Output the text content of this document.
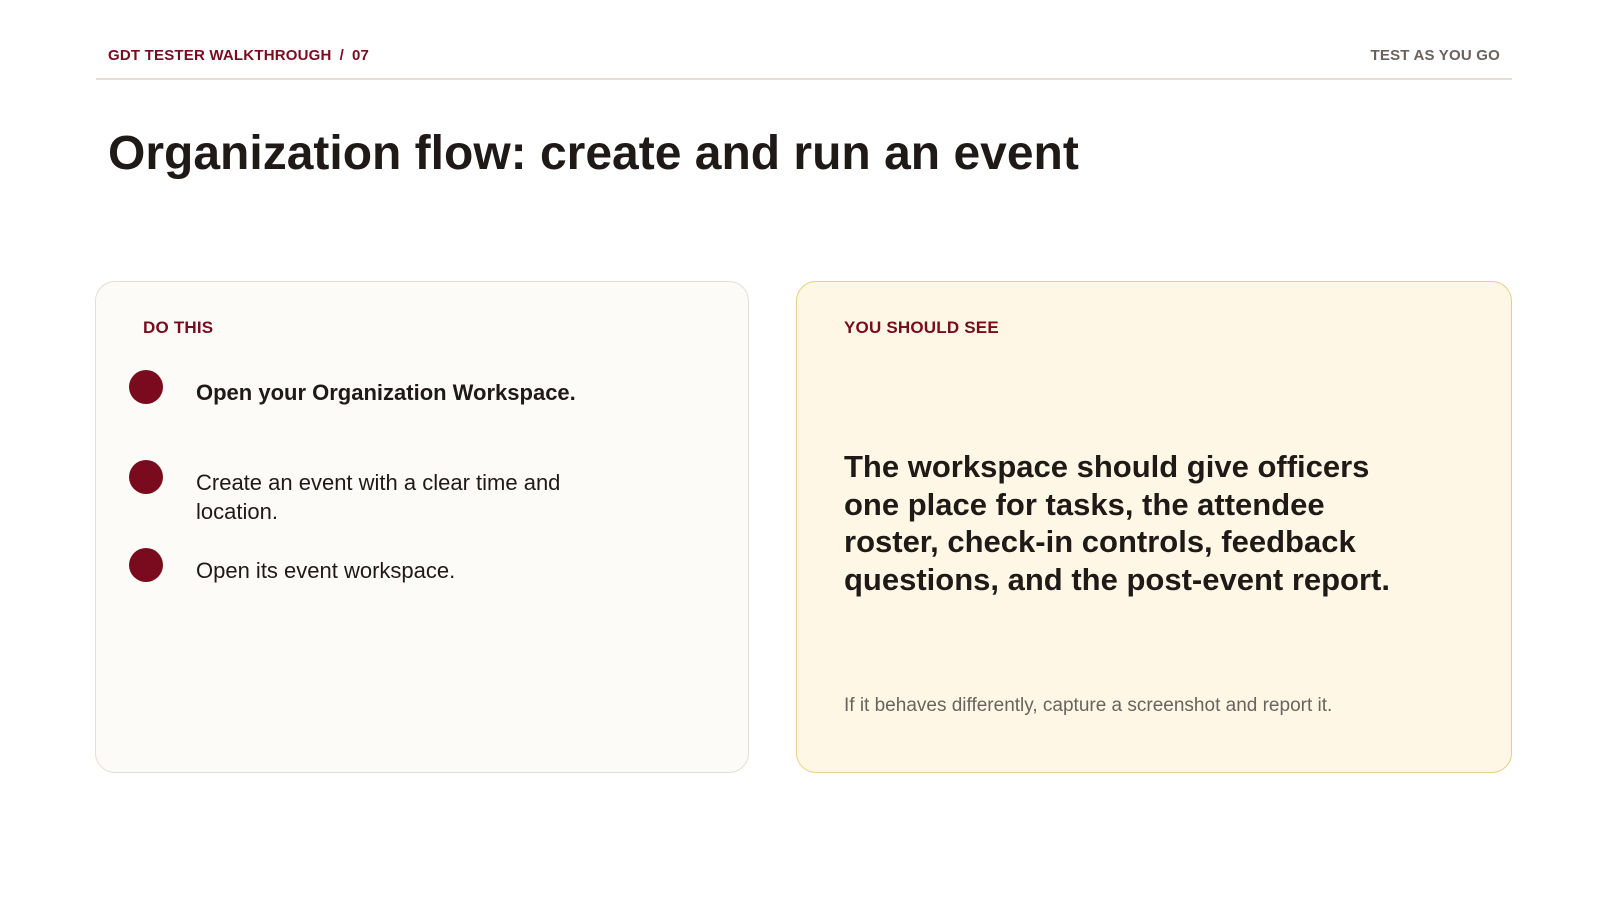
GDT TESTER WALKTHROUGH / 07	TEST AS YOU GO
Organization flow: create and run an event
DO THIS
Open your Organization Workspace.
Create an event with a clear time and location.
Open its event workspace.
YOU SHOULD SEE

The workspace should give officers one place for tasks, the attendee roster, check-in controls, feedback questions, and the post-event report.

If it behaves differently, capture a screenshot and report it.
